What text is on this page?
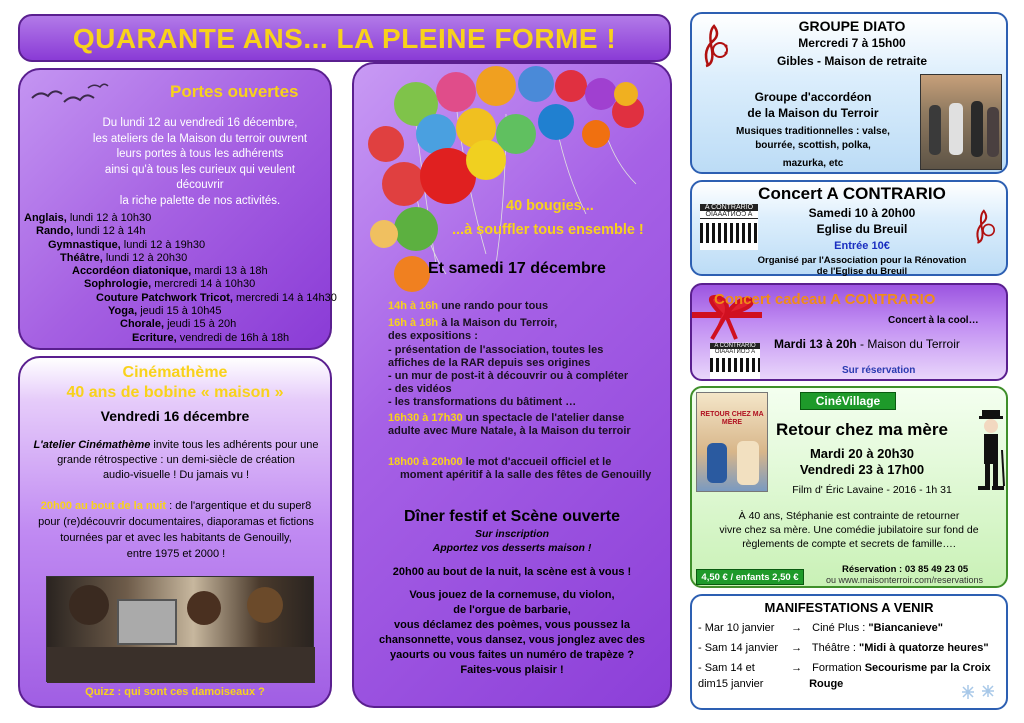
QUARANTE ANS... LA PLEINE FORME !
Portes ouvertes
Du lundi 12 au vendredi 16 décembre,
les ateliers de la Maison du terroir ouvrent
leurs portes à tous les adhérents
ainsi qu'à tous les curieux qui veulent découvrir
la riche palette de nos activités.
Anglais, lundi 12 à 10h30
Rando, lundi 12 à 14h
Gymnastique, lundi 12 à 19h30
Théâtre, lundi 12 à 20h30
Accordéon diatonique, mardi 13 à 18h
Sophrologie, mercredi 14 à 10h30
Couture Patchwork Tricot, mercredi 14 à 14h30
Yoga, jeudi 15 à 10h45
Chorale, jeudi 15 à 20h
Ecriture, vendredi de 16h à 18h
Cinémathème
40 ans de bobine « maison »
Vendredi 16 décembre
L'atelier Cinémathème invite tous les adhérents pour une
grande rétrospective : un demi-siècle de création
audio-visuelle ! Du jamais vu !
20h00 au bout de la nuit : de l'argentique et du super8
pour (re)découvrir documentaires, diaporamas et fictions
tournées par et avec les habitants de Genouilly,
entre 1975 et 2000 !
Quizz : qui sont ces damoiseaux ?
40 bougies...
...à souffler tous ensemble !
Et samedi 17 décembre
14h à 16h une rando pour tous
16h à 18h à la Maison du Terroir,
des expositions :
- présentation de l'association, toutes les
affiches de la RAR depuis ses origines
- un mur de post-it à découvrir ou à compléter
- des vidéos
- les transformations du bâtiment …
16h30 à 17h30 un spectacle de l'atelier danse
adulte avec Mure Natale, à la Maison du terroir
18h00 à 20h00 le mot d'accueil officiel et le
moment apéritif à la salle des fêtes de Genouilly
Dîner festif et Scène ouverte
Sur inscription
Apportez vos desserts maison !
20h00 au bout de la nuit, la scène est à vous !
Vous jouez de la cornemuse, du violon,
de l'orgue de barbarie,
vous déclamez des poèmes, vous poussez la
chansonnette, vous dansez, vous jonglez avec des
yaourts ou vous faites un numéro de trapèze ?
Faites-vous plaisir !
GROUPE DIATO
Mercredi 7 à 15h00
Gibles - Maison de retraite
Groupe d'accordéon
de la Maison du Terroir
Musiques traditionnelles : valse,
bourrée, scottish, polka,
mazurka, etc
Concert A CONTRARIO
A CONTRARIO
OIAAATИOƆ A	Samedi 10 à 20h00
Eglise du Breuil
Entrée 10€
Organisé par l'Association pour la Rénovation
de l'Eglise du Breuil
Concert cadeau A CONTRARIO
Concert à la cool…
A CONTRARIO
OIAAATИOƆ A
Mardi 13 à 20h - Maison du Terroir
Sur réservation
RETOUR CHEZ MA MÈRE
CinéVillage
Retour chez ma mère
Mardi 20 à 20h30
Vendredi 23 à 17h00
Film d' Éric Lavaine - 2016 - 1h 31
À 40 ans, Stéphanie est contrainte de retourner
vivre chez sa mère. Une comédie jubilatoire sur fond de
règlements de compte et secrets de famille….
4,50 € / enfants 2,50 €
Réservation : 03 85 49 23 05
ou www.maisonterroir.com/reservations
MANIFESTATIONS A VENIR
- Mar 10 janvier → Ciné Plus : "Biancanieve"
- Sam 14 janvier → Théâtre : "Midi à quatorze heures"
- Sam 14 et	→ Formation Secourisme par la Croix
dim15 janvier	Rouge
